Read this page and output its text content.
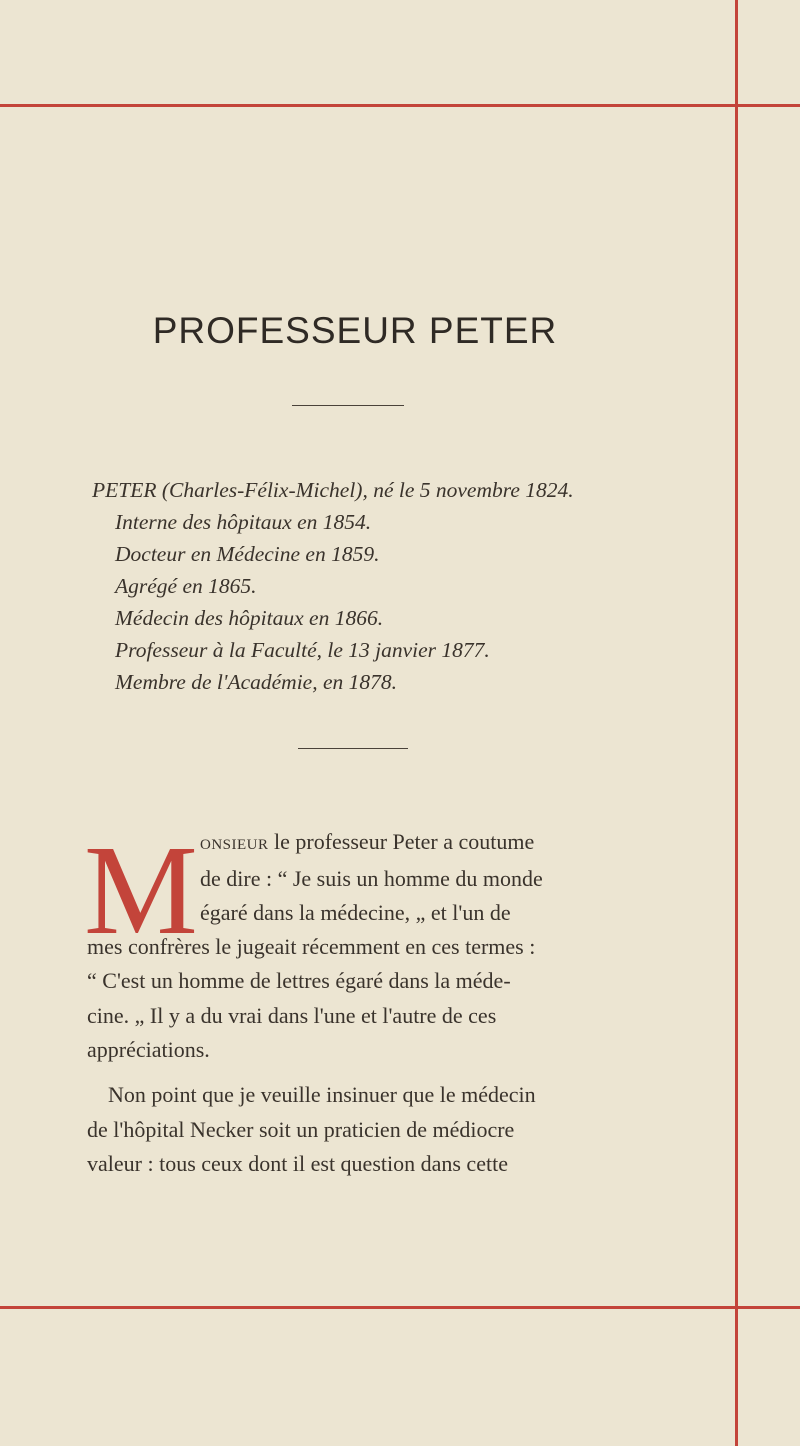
PROFESSEUR PETER
PETER (Charles-Félix-Michel), né le 5 novembre 1824.
Interne des hôpitaux en 1854.
Docteur en Médecine en 1859.
Agrégé en 1865.
Médecin des hôpitaux en 1866.
Professeur à la Faculté, le 13 janvier 1877.
Membre de l'Académie, en 1878.
M onsieur le professeur Peter a coutume
de dire : “ Je suis un homme du monde
égaré dans la médecine, „ et l'un de
mes confrères le jugeait récemment en ces termes :
“ C'est un homme de lettres égaré dans la méde-
cine. „ Il y a du vrai dans l'une et l'autre de ces
appréciations.
Non point que je veuille insinuer que le médecin
de l'hôpital Necker soit un praticien de médiocre
valeur : tous ceux dont il est question dans cette
